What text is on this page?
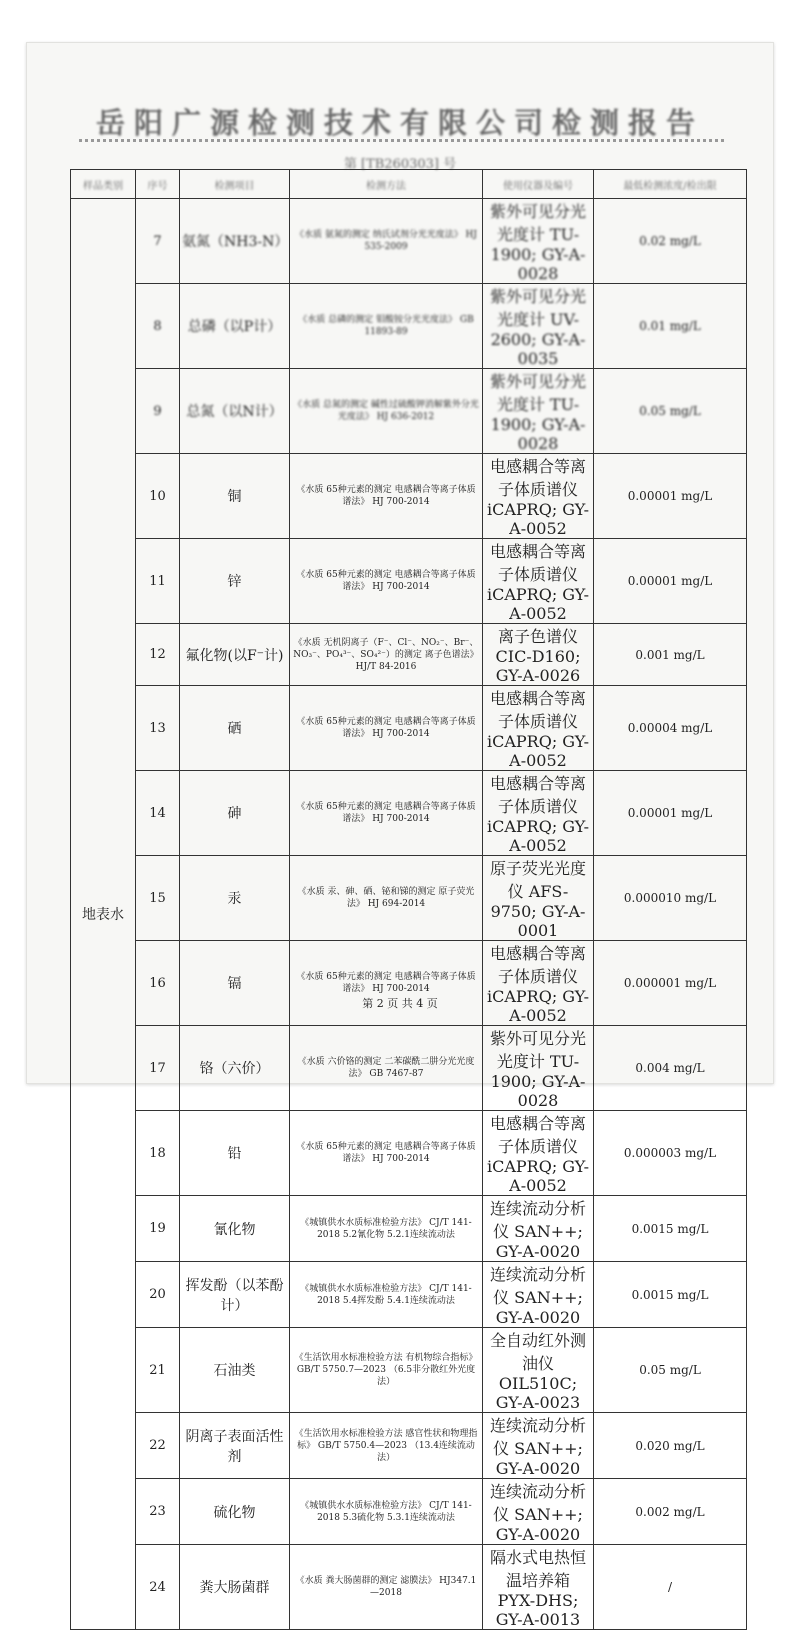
岳阳广源检测技术有限公司检测报告
第 [TB260303] 号
样品类别	序号	检测项目	检测方法	使用仪器及编号	最低检测浓度/检出限
地表水	7	氨氮（NH3-N）	《水质 氨氮的测定 纳氏试剂分光光度法》 HJ 535-2009	紫外可见分光光度计 TU-1900; GY-A-0028	0.02 mg/L
	8	总磷（以P计）	《水质 总磷的测定 钼酸铵分光光度法》 GB 11893-89	紫外可见分光光度计 UV-2600; GY-A-0035	0.01 mg/L
	9	总氮（以N计）	《水质 总氮的测定 碱性过硫酸钾消解紫外分光光度法》 HJ 636-2012	紫外可见分光光度计 TU-1900; GY-A-0028	0.05 mg/L
	10	铜	《水质 65种元素的测定 电感耦合等离子体质谱法》 HJ 700-2014	电感耦合等离子体质谱仪iCAPRQ; GY-A-0052	0.00001 mg/L
	11	锌	《水质 65种元素的测定 电感耦合等离子体质谱法》 HJ 700-2014	电感耦合等离子体质谱仪iCAPRQ; GY-A-0052	0.00001 mg/L
	12	氟化物(以F⁻计)	《水质 无机阴离子（F⁻、Cl⁻、NO₂⁻、Br⁻、NO₃⁻、PO₄³⁻、SO₄²⁻）的测定 离子色谱法》 HJ/T 84-2016	离子色谱仪 CIC-D160; GY-A-0026	0.001 mg/L
	13	硒	《水质 65种元素的测定 电感耦合等离子体质谱法》 HJ 700-2014	电感耦合等离子体质谱仪iCAPRQ; GY-A-0052	0.00004 mg/L
	14	砷	《水质 65种元素的测定 电感耦合等离子体质谱法》 HJ 700-2014	电感耦合等离子体质谱仪iCAPRQ; GY-A-0052	0.00001 mg/L
	15	汞	《水质 汞、砷、硒、铋和锑的测定 原子荧光法》 HJ 694-2014	原子荧光光度仪 AFS-9750; GY-A-0001	0.000010 mg/L
	16	镉	《水质 65种元素的测定 电感耦合等离子体质谱法》 HJ 700-2014	电感耦合等离子体质谱仪iCAPRQ; GY-A-0052	0.000001 mg/L
	17	铬（六价）	《水质 六价铬的测定 二苯碳酰二肼分光光度法》 GB 7467-87	紫外可见分光光度计 TU-1900; GY-A-0028	0.004 mg/L
	18	铅	《水质 65种元素的测定 电感耦合等离子体质谱法》 HJ 700-2014	电感耦合等离子体质谱仪iCAPRQ; GY-A-0052	0.000003 mg/L
	19	氰化物	《城镇供水水质标准检验方法》 CJ/T 141-2018 5.2氰化物 5.2.1连续流动法	连续流动分析仪 SAN++; GY-A-0020	0.0015 mg/L
	20	挥发酚（以苯酚计）	《城镇供水水质标准检验方法》 CJ/T 141-2018 5.4挥发酚 5.4.1连续流动法	连续流动分析仪 SAN++; GY-A-0020	0.0015 mg/L
	21	石油类	《生活饮用水标准检验方法 有机物综合指标》 GB/T 5750.7—2023 （6.5非分散红外光度法）	全自动红外测油仪 OIL510C; GY-A-0023	0.05 mg/L
	22	阴离子表面活性剂	《生活饮用水标准检验方法 感官性状和物理指标》 GB/T 5750.4—2023 （13.4连续流动法）	连续流动分析仪 SAN++; GY-A-0020	0.020 mg/L
	23	硫化物	《城镇供水水质标准检验方法》 CJ/T 141-2018 5.3硫化物 5.3.1连续流动法	连续流动分析仪 SAN++; GY-A-0020	0.002 mg/L
	24	粪大肠菌群	《水质 粪大肠菌群的测定 滤膜法》 HJ347.1—2018	隔水式电热恒温培养箱 PYX-DHS; GY-A-0013	/
第 2 页 共 4 页
